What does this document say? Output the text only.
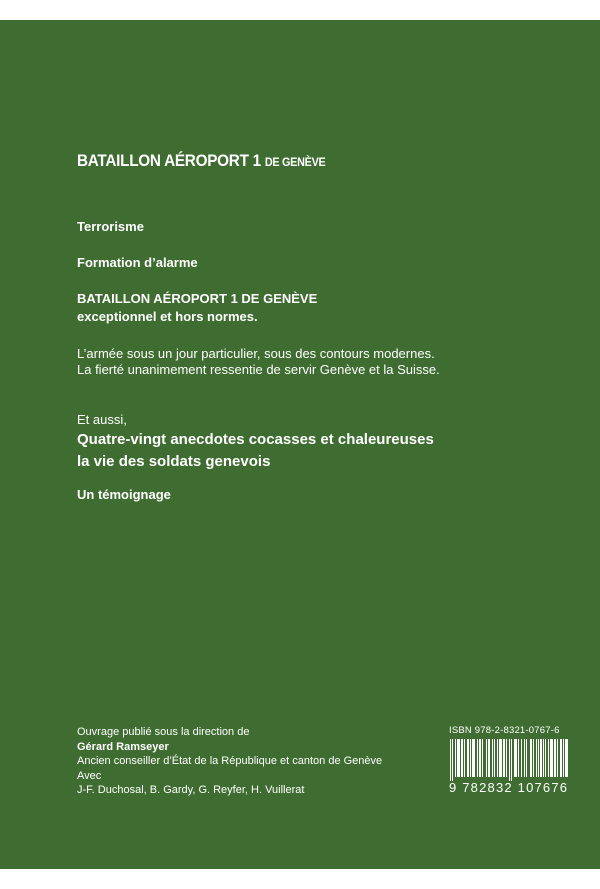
BATAILLON AÉROPORT 1 DE GENÈVE
Terrorisme
Formation d’alarme
BATAILLON AÉROPORT 1 DE GENÈVE
exceptionnel et hors normes.
L’armée sous un jour particulier, sous des contours modernes.
La fierté unanimement ressentie de servir Genève et la Suisse.
Et aussi,
Quatre-vingt anecdotes cocasses et chaleureuses
la vie des soldats genevois
Un témoignage
Ouvrage publié sous la direction de
Gérard Ramseyer
Ancien conseiller d’État de la République et canton de Genève
Avec
J-F. Duchosal, B. Gardy, G. Reyfer, H. Vuillerat
ISBN 978-2-8321-0767-6
9 782832 107676
